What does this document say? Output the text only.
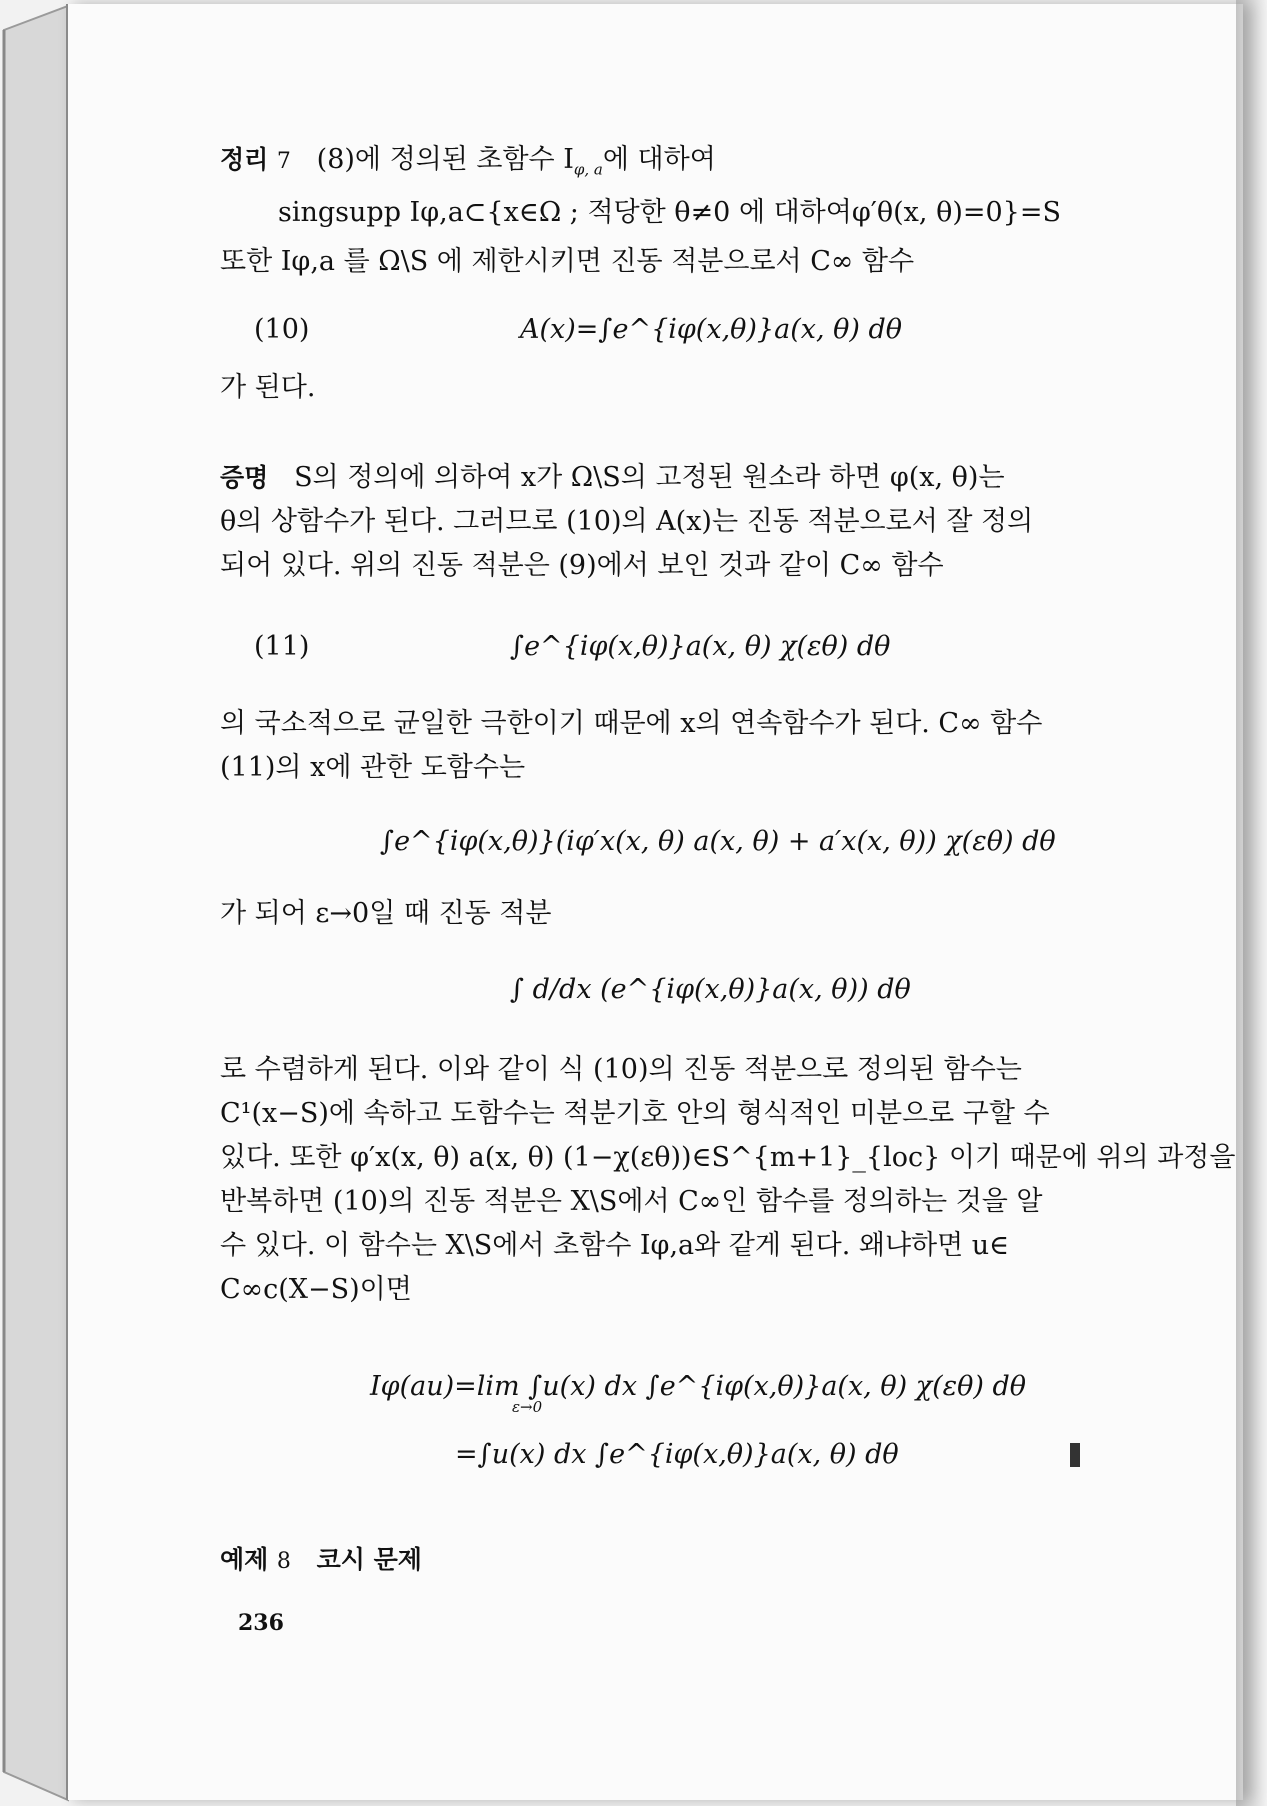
정리 7 (8)에 정의된 초함수 $I_{\varphi, a}$에 대하여
singsupp Iφ,a⊂{x∈Ω ; 적당한 θ≠0 에 대하여φ′θ(x, θ)=0}=S
또한 Iφ,a 를 Ω\S 에 제한시키면 진동 적분으로서 C∞ 함수
(10)	A(x)=∫e^{iφ(x,θ)}a(x, θ) dθ
가 된다.
증명 S의 정의에 의하여 x가 Ω\S의 고정된 원소라 하면 φ(x, θ)는
θ의 상함수가 된다. 그러므로 (10)의 A(x)는 진동 적분으로서 잘 정의
되어 있다. 위의 진동 적분은 (9)에서 보인 것과 같이 C∞ 함수
(11)	∫e^{iφ(x,θ)}a(x, θ) χ(εθ) dθ
의 국소적으로 균일한 극한이기 때문에 x의 연속함수가 된다. C∞ 함수
(11)의 x에 관한 도함수는
∫e^{iφ(x,θ)}(iφ′x(x, θ) a(x, θ) + a′x(x, θ)) χ(εθ) dθ
가 되어 ε→0일 때 진동 적분
∫ d/dx (e^{iφ(x,θ)}a(x, θ)) dθ
로 수렴하게 된다. 이와 같이 식 (10)의 진동 적분으로 정의된 함수는
C¹(x−S)에 속하고 도함수는 적분기호 안의 형식적인 미분으로 구할 수
있다. 또한 φ′x(x, θ) a(x, θ) (1−χ(εθ))∈S^{m+1}_{loc} 이기 때문에 위의 과정을
반복하면 (10)의 진동 적분은 X\S에서 C∞인 함수를 정의하는 것을 알
수 있다. 이 함수는 X\S에서 초함수 Iφ,a와 같게 된다. 왜냐하면 u∈
C∞c(X−S)이면
Iφ(au)=lim ∫u(x) dx ∫e^{iφ(x,θ)}a(x, θ) χ(εθ) dθ
ε→0
=∫u(x) dx ∫e^{iφ(x,θ)}a(x, θ) dθ
예제 8 코시 문제
236
